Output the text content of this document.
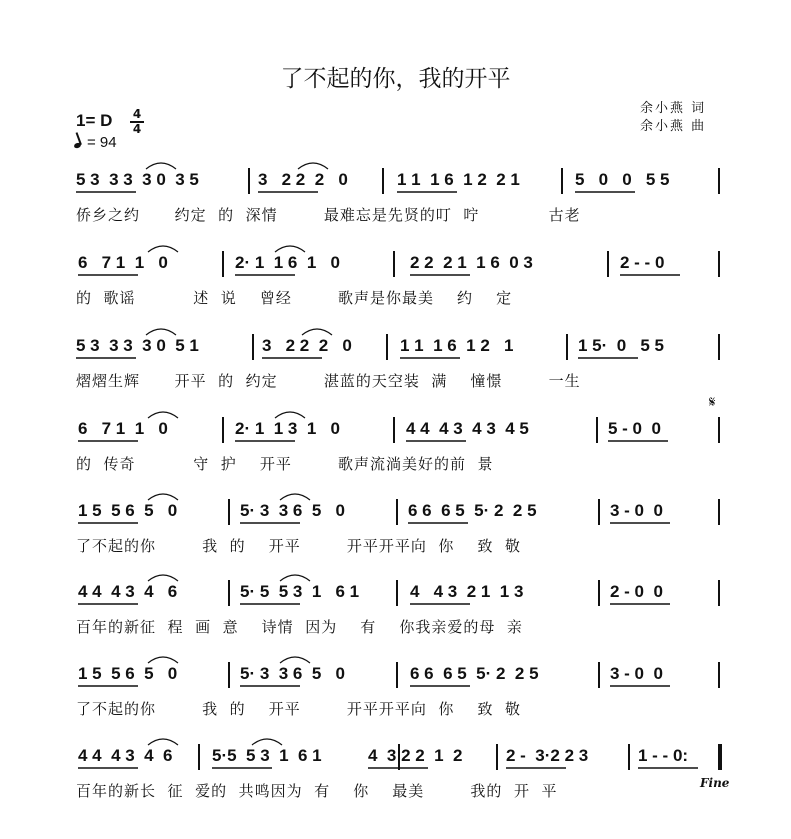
了不起的你，我的开平
余小燕 词
余小燕 曲
1= D 4
4
= 94
𝄋
Fine
5 3  3 3  3 0  3 5	3   2 2  2   0	1 1  1 6  1 2  2 1	5   0   0   5 5
侨乡之约      约定  的  深情        最难忘是先贤的叮  咛            古老
6   7 1  1   0	2· 1  1 6  1   0	2 2  2 1  1 6  0 3	2 - - 0
的  歌谣          述  说    曾经        歌声是你最美    约    定
5 3  3 3  3 0  5 1	3   2 2  2   0	1 1  1 6  1 2   1	1 5·  0   5 5
熠熠生辉      开平  的  约定        湛蓝的天空装  满    憧憬        一生
6   7 1  1   0	2· 1  1 3  1   0	4 4  4 3  4 3  4 5	5 - 0  0
的  传奇          守  护    开平        歌声流淌美好的前  景
1 5  5 6  5   0	5· 3  3 6  5   0	6 6  6 5  5· 2  2 5	3 - 0  0
了不起的你        我  的    开平        开平开平向  你    致  敬
4 4  4 3  4   6	5· 5  5 3  1   6 1	4   4 3  2 1  1 3	2 - 0  0
百年的新征  程  画  意    诗情  因为    有    你我亲爱的母  亲
1 5  5 6  5   0	5· 3  3 6  5   0	6 6  6 5  5· 2  2 5	3 - 0  0
了不起的你        我  的    开平        开平开平向  你    致  敬
4 4  4 3  4  6 5·5  5 3  1  6 1	4  3 2 2  1  2	2 -  3·2 2 3	1 - - 0:
百年的新长  征  爱的  共鸣因为  有    你    最美        我的  开  平
